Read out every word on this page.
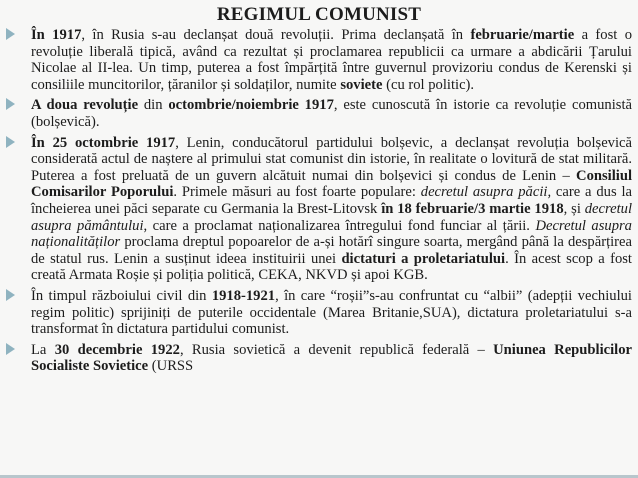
REGIMUL COMUNIST

În 1917, în Rusia s-au declanșat două revoluții. Prima declanșată în februarie/martie a fost o revoluție liberală tipică, având ca rezultat și proclamarea republicii ca urmare a abdicării Țarului Nicolae al II-lea. Un timp, puterea a fost împărțită între guvernul provizoriu condus de Kerenski și consiliile muncitorilor, țăranilor și soldaților, numite soviete (cu rol politic).

A doua revoluție din octombrie/noiembrie 1917, este cunoscută în istorie ca revoluție comunistă (bolșevică).

În 25 octombrie 1917, Lenin, conducătorul partidului bolșevic, a declanșat revoluția bolșevică considerată actul de naștere al primului stat comunist din istorie, în realitate o lovitură de stat militară. Puterea a fost preluată de un guvern alcătuit numai din bolșevici și condus de Lenin – Consiliul Comisarilor Poporului. Primele măsuri au fost foarte populare: decretul asupra păcii, care a dus la încheierea unei păci separate cu Germania la Brest-Litovsk în 18 februarie/3 martie 1918, și decretul asupra pământului, care a proclamat naționalizarea întregului fond funciar al țării. Decretul asupra naționalităților proclama dreptul popoarelor de a-și hotărî singure soarta, mergând până la despărțirea de statul rus. Lenin a susținut ideea instituirii unei dictaturi a proletariatului. În acest scop a fost creată Armata Roșie și poliția politică, CEKA, NKVD și apoi KGB.

În timpul războiului civil din 1918-1921, în care “roșii”s-au confruntat cu “albii” (adepții vechiului regim politic) sprijiniți de puterile occidentale (Marea Britanie,SUA), dictatura proletariatului s-a transformat în dictatura partidului comunist.

La 30 decembrie 1922, Rusia sovietică a devenit republică federală – Uniunea Republicilor Socialiste Sovietice (URSS
